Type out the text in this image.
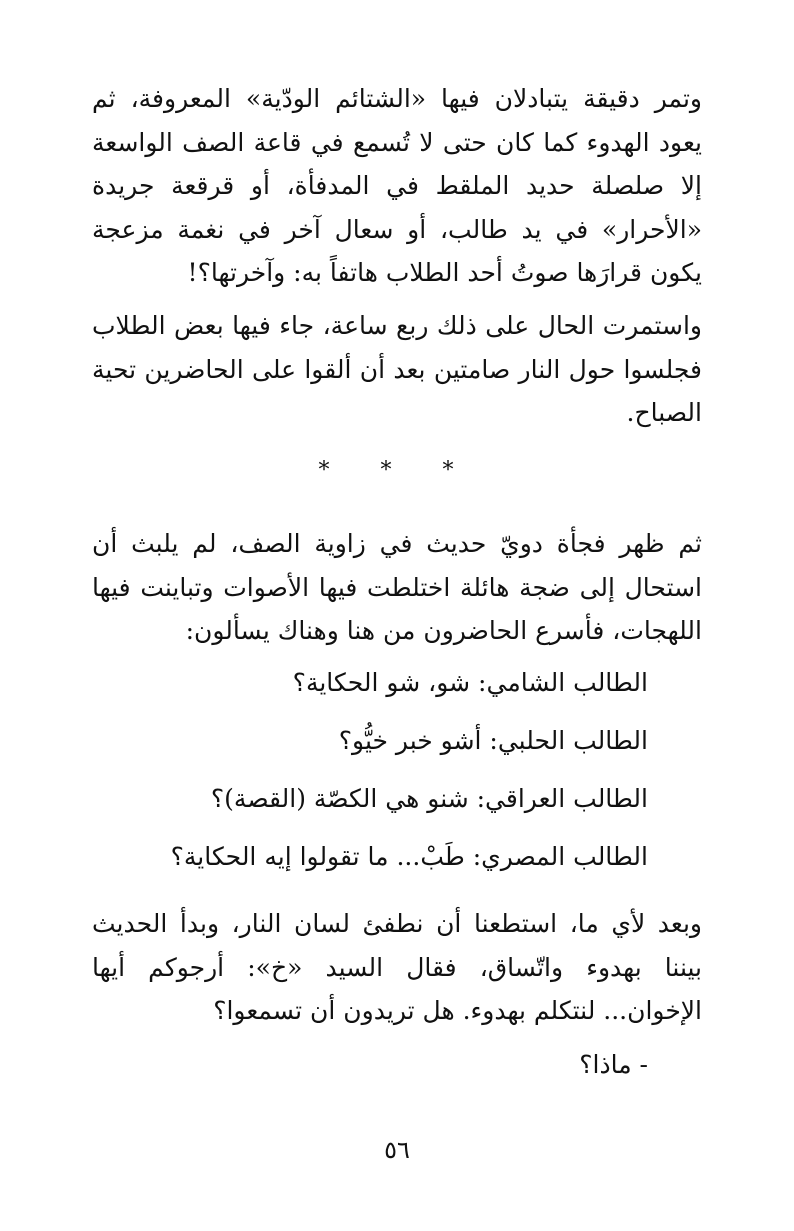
وتمر دقيقة يتبادلان فيها «الشتائم الودّية» المعروفة، ثم يعود الهدوء كما كان حتى لا تُسمع في قاعة الصف الواسعة إلا صلصلة حديد الملقط في المدفأة، أو قرقعة جريدة «الأحرار» في يد طالب، أو سعال آخر في نغمة مزعجة يكون قرارَها صوتُ أحد الطلاب هاتفاً به: وآخرتها؟!

واستمرت الحال على ذلك ربع ساعة، جاء فيها بعض الطلاب فجلسوا حول النار صامتين بعد أن ألقوا على الحاضرين تحية الصباح.

* * *

ثم ظهر فجأة دويّ حديث في زاوية الصف، لم يلبث أن استحال إلى ضجة هائلة اختلطت فيها الأصوات وتباينت فيها اللهجات، فأسرع الحاضرون من هنا وهناك يسألون:

الطالب الشامي: شو، شو الحكاية؟

الطالب الحلبي: أشو خبر خيُّو؟

الطالب العراقي: شنو هي الكصّة (القصة)؟

الطالب المصري: طَبْ... ما تقولوا إيه الحكاية؟

وبعد لأي ما، استطعنا أن نطفئ لسان النار، وبدأ الحديث بيننا بهدوء واتّساق، فقال السيد «خ»: أرجوكم أيها الإخوان... لنتكلم بهدوء. هل تريدون أن تسمعوا؟

- ماذا؟

٥٦
